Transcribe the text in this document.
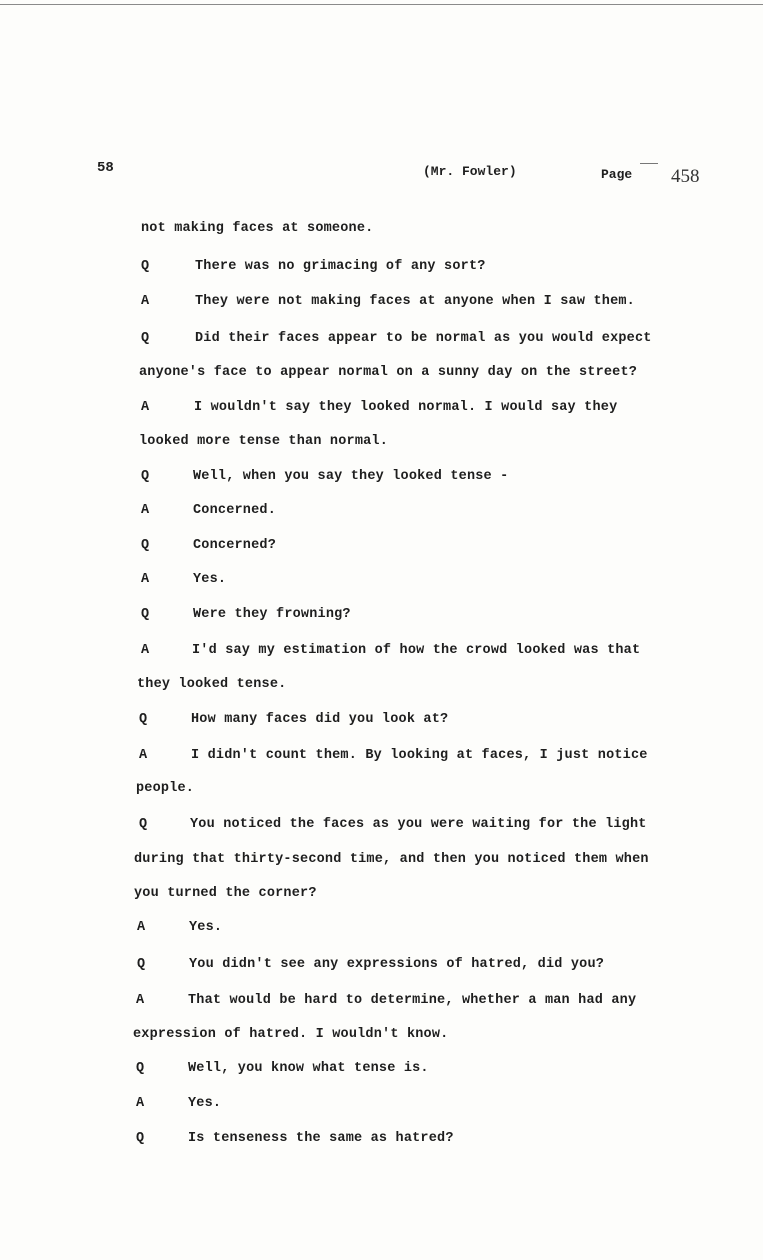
58	(Mr. Fowler)	Page 458
not making faces at someone.
Q	There was no grimacing of any sort?
A	They were not making faces at anyone when I saw them.
Q	Did their faces appear to be normal as you would expect
anyone's face to appear normal on a sunny day on the street?
A	I wouldn't say they looked normal. I would say they
looked more tense than normal.
Q	Well, when you say they looked tense -
A	Concerned.
Q	Concerned?
A	Yes.
Q	Were they frowning?
A	I'd say my estimation of how the crowd looked was that
they looked tense.
Q	How many faces did you look at?
A	I didn't count them. By looking at faces, I just notice
people.
Q	You noticed the faces as you were waiting for the light
during that thirty-second time, and then you noticed them when
you turned the corner?
A	Yes.
Q	You didn't see any expressions of hatred, did you?
A	That would be hard to determine, whether a man had any
expression of hatred. I wouldn't know.
Q	Well, you know what tense is.
A	Yes.
Q	Is tenseness the same as hatred?
